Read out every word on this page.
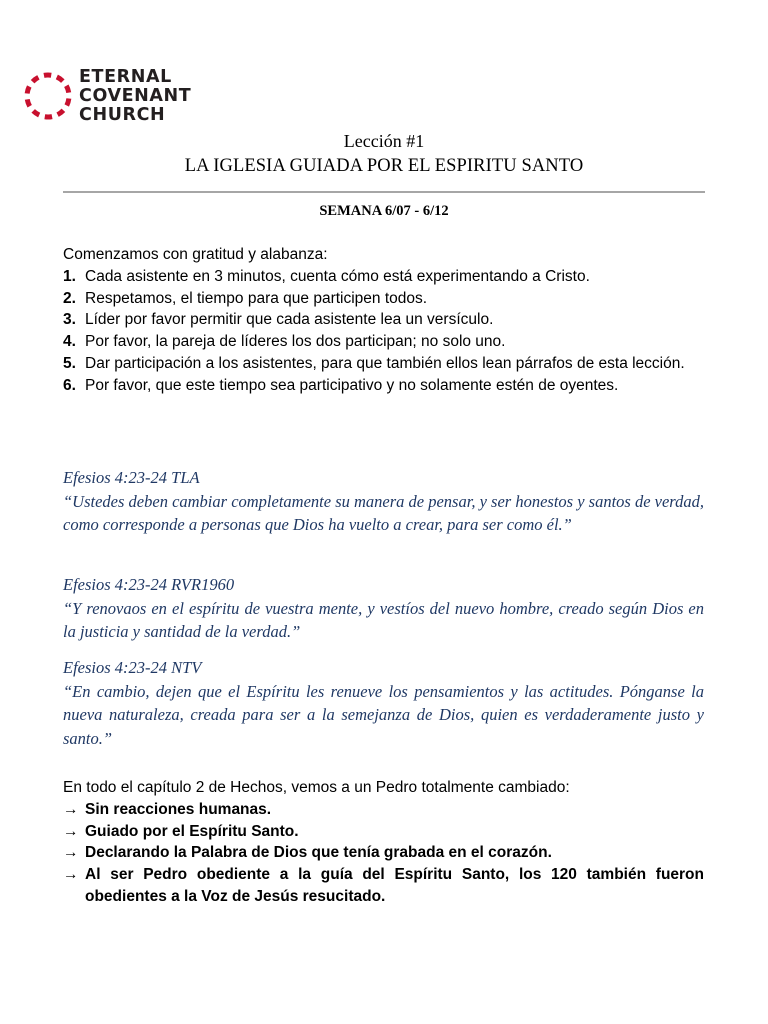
ETERNAL
COVENANT
CHURCH
Lección #1
LA IGLESIA GUIADA POR EL ESPIRITU SANTO
SEMANA 6/07 - 6/12
Comenzamos con gratitud y alabanza:
1. Cada asistente en 3 minutos, cuenta cómo está experimentando a Cristo.
2. Respetamos, el tiempo para que participen todos.
3. Líder por favor permitir que cada asistente lea un versículo.
4. Por favor, la pareja de líderes los dos participan; no solo uno.
5. Dar participación a los asistentes, para que también ellos lean párrafos de esta lección.
6. Por favor, que este tiempo sea participativo y no solamente estén de oyentes.
Efesios 4:23-24 TLA
“Ustedes deben cambiar completamente su manera de pensar, y ser honestos y santos de verdad, como corresponde a personas que Dios ha vuelto a crear, para ser como él.”
Efesios 4:23-24 RVR1960
“Y renovaos en el espíritu de vuestra mente, y vestíos del nuevo hombre, creado según Dios en la justicia y santidad de la verdad.”
Efesios 4:23-24 NTV
“En cambio, dejen que el Espíritu les renueve los pensamientos y las actitudes. Pónganse la nueva naturaleza, creada para ser a la semejanza de Dios, quien es verdaderamente justo y santo.”
En todo el capítulo 2 de Hechos, vemos a un Pedro totalmente cambiado:
→ Sin reacciones humanas.
→ Guiado por el Espíritu Santo.
→ Declarando la Palabra de Dios que tenía grabada en el corazón.
→ Al ser Pedro obediente a la guía del Espíritu Santo, los 120 también fueron obedientes a la Voz de Jesús resucitado.
